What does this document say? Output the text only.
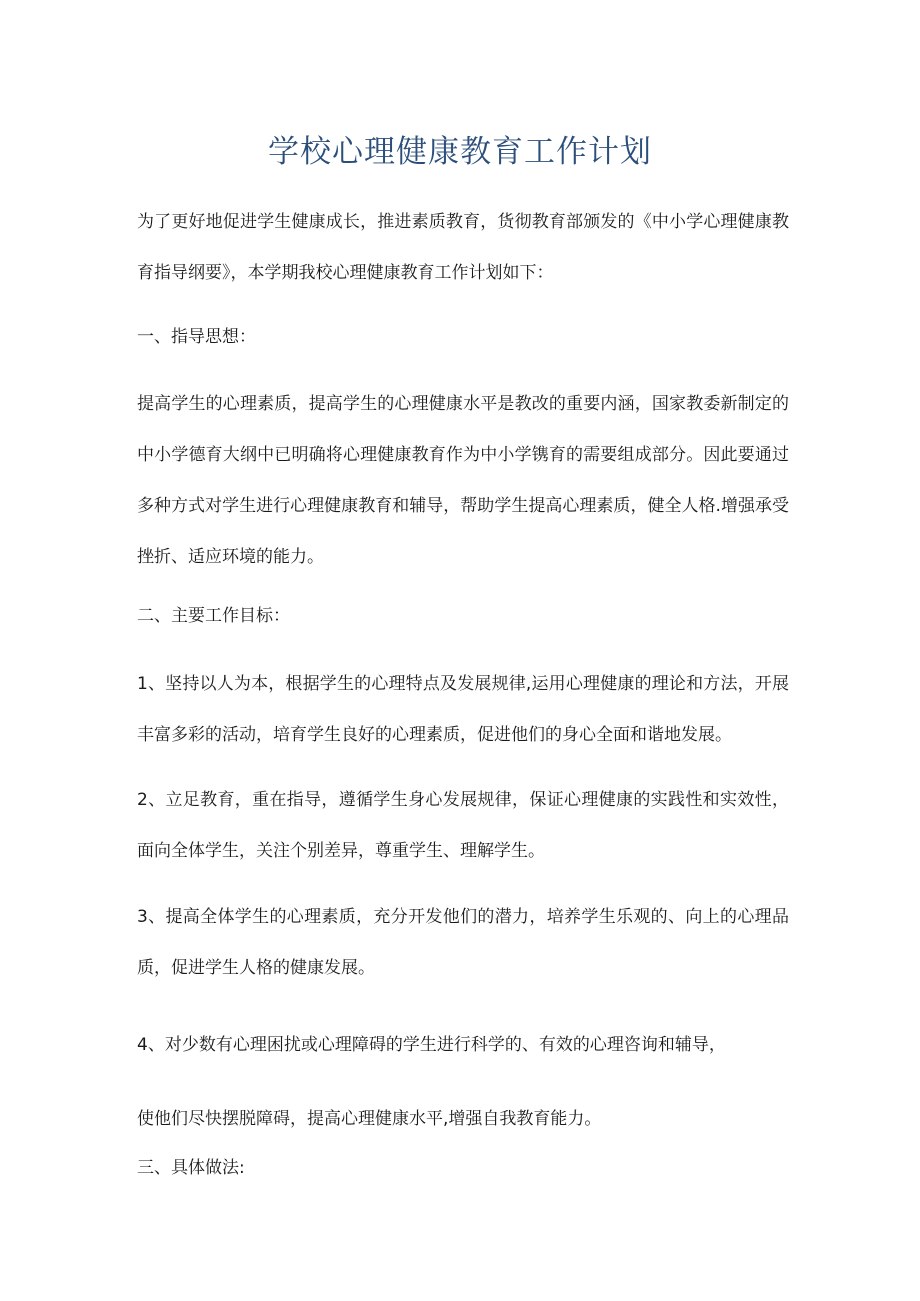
学校心理健康教育工作计划
为了更好地促进学生健康成长，推进素质教育，货彻教育部颁发的《中小学心理健康教育指导纲要》，本学期我校心理健康教育工作计划如下：
一、指导思想：
提高学生的心理素质，提高学生的心理健康水平是教改的重要内涵，国家教委新制定的中小学德育大纲中已明确将心理健康教育作为中小学镌育的需要组成部分。因此要通过多种方式对学生进行心理健康教育和辅导，帮助学生提高心理素质，健全人格.增强承受挫折、适应环境的能力。
二、主要工作目标：
1、坚持以人为本，根据学生的心理特点及发展规律,运用心理健康的理论和方法，开展丰富多彩的活动，培育学生良好的心理素质，促进他们的身心全面和谐地发展。
2、立足教育，重在指导，遵循学生身心发展规律，保证心理健康的实践性和实效性，面向全体学生，关注个别差异，尊重学生、理解学生。
3、提高全体学生的心理素质，充分开发他们的潜力，培养学生乐观的、向上的心理品质，促进学生人格的健康发展。
4、对少数有心理困扰或心理障碍的学生进行科学的、有效的心理咨询和辅导，
使他们尽快摆脱障碍，提高心理健康水平,增强自我教育能力。
三、具体做法:
